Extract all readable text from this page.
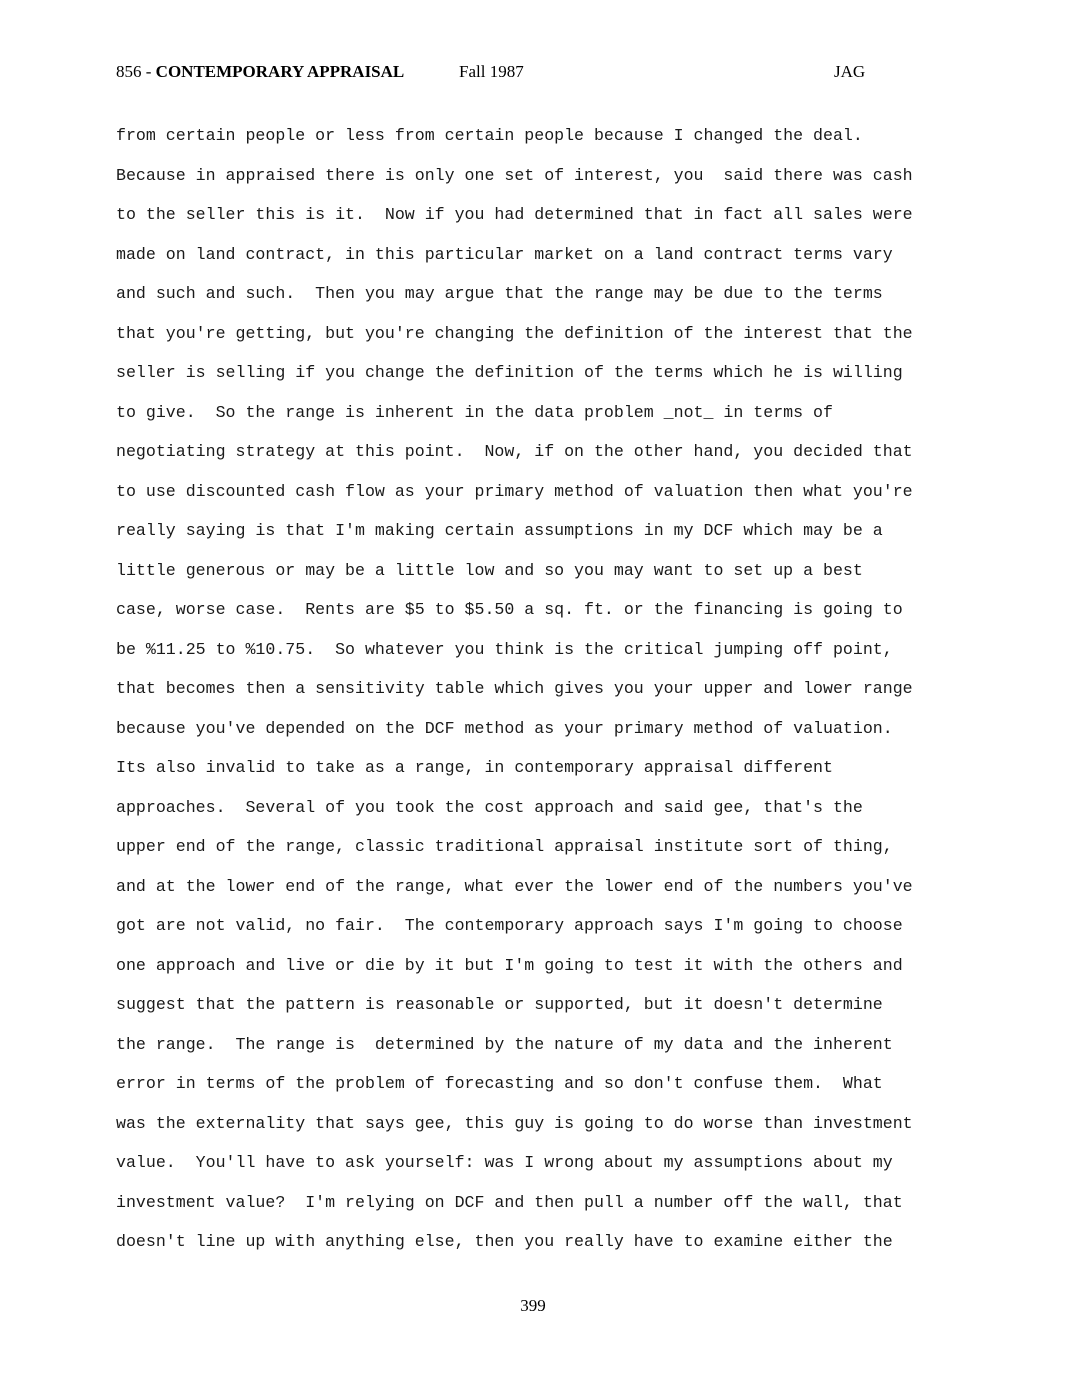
856 - CONTEMPORARY APPRAISAL	Fall 1987	JAG
from certain people or less from certain people because I changed the deal.
Because in appraised there is only one set of interest, you  said there was cash
to the seller this is it.  Now if you had determined that in fact all sales were
made on land contract, in this particular market on a land contract terms vary
and such and such.  Then you may argue that the range may be due to the terms
that you're getting, but you're changing the definition of the interest that the
seller is selling if you change the definition of the terms which he is willing
to give.  So the range is inherent in the data problem _not_ in terms of
negotiating strategy at this point.  Now, if on the other hand, you decided that
to use discounted cash flow as your primary method of valuation then what you're
really saying is that I'm making certain assumptions in my DCF which may be a
little generous or may be a little low and so you may want to set up a best
case, worse case.  Rents are $5 to $5.50 a sq. ft. or the financing is going to
be %11.25 to %10.75.  So whatever you think is the critical jumping off point,
that becomes then a sensitivity table which gives you your upper and lower range
because you've depended on the DCF method as your primary method of valuation.
Its also invalid to take as a range, in contemporary appraisal different
approaches.  Several of you took the cost approach and said gee, that's the
upper end of the range, classic traditional appraisal institute sort of thing,
and at the lower end of the range, what ever the lower end of the numbers you've
got are not valid, no fair.  The contemporary approach says I'm going to choose
one approach and live or die by it but I'm going to test it with the others and
suggest that the pattern is reasonable or supported, but it doesn't determine
the range.  The range is  determined by the nature of my data and the inherent
error in terms of the problem of forecasting and so don't confuse them.  What
was the externality that says gee, this guy is going to do worse than investment
value.  You'll have to ask yourself: was I wrong about my assumptions about my
investment value?  I'm relying on DCF and then pull a number off the wall, that
doesn't line up with anything else, then you really have to examine either the
399
